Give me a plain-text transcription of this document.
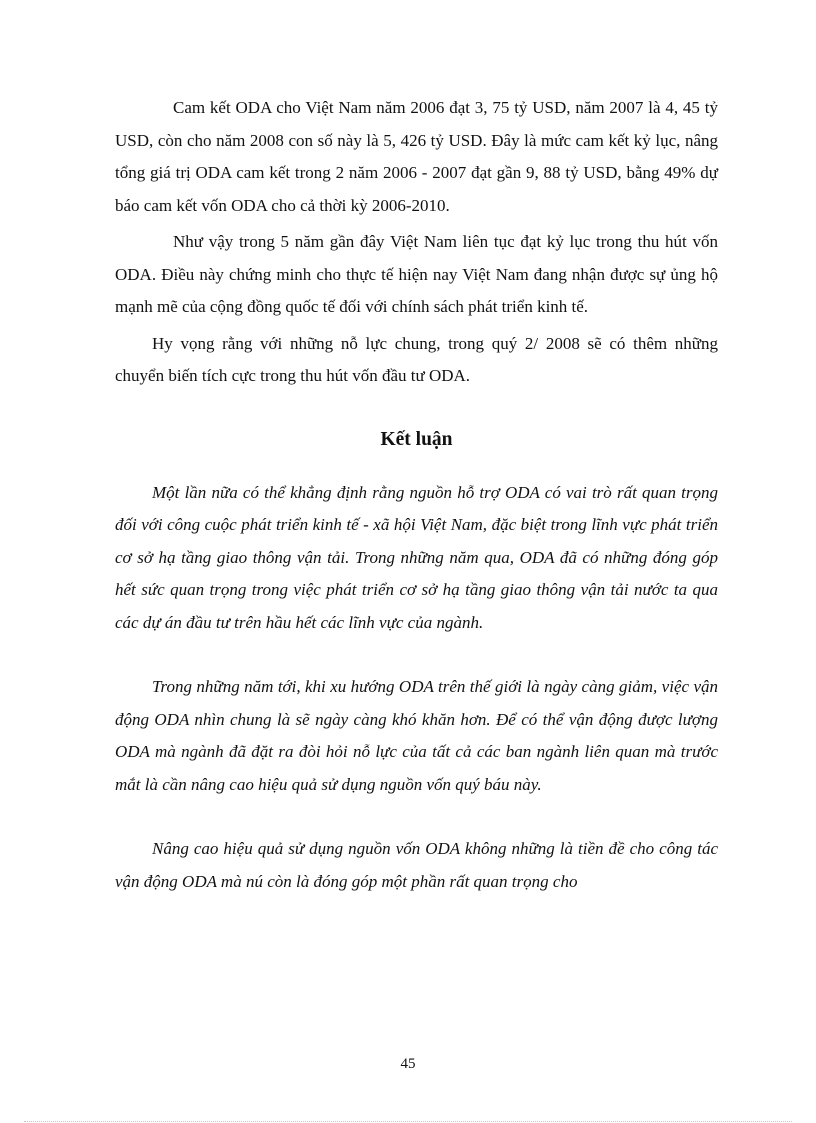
Cam kết ODA cho Việt Nam năm 2006 đạt 3, 75 tỷ USD, năm 2007 là 4, 45 tỷ USD, còn cho năm 2008 con số này là 5, 426 tỷ USD. Đây là mức cam kết kỷ lục, nâng tổng giá trị ODA cam kết trong 2 năm 2006 - 2007 đạt gần 9, 88 tỷ USD, bằng 49% dự báo cam kết vốn ODA cho cả thời kỳ 2006-2010.

Như vậy trong 5 năm gần đây Việt Nam liên tục đạt kỷ lục trong thu hút vốn ODA. Điều này chứng minh cho thực tế hiện nay Việt Nam đang nhận được sự ủng hộ mạnh mẽ của cộng đồng quốc tế đối với chính sách phát triển kinh tế.

Hy vọng rằng với những nỗ lực chung, trong quý 2/ 2008 sẽ có thêm những chuyển biến tích cực trong thu hút vốn đầu tư ODA.

Kết luận

Một lần nữa có thể khẳng định rằng nguồn hỗ trợ ODA có vai trò rất quan trọng đối với công cuộc phát triển kinh tế - xã hội Việt Nam, đặc biệt trong lĩnh vực phát triển cơ sở hạ tầng giao thông vận tải. Trong những năm qua, ODA đã có những đóng góp hết sức quan trọng trong việc phát triển cơ sở hạ tầng giao thông vận tải nước ta qua các dự án đầu tư trên hầu hết các lĩnh vực của ngành.

Trong những năm tới, khi xu hướng ODA trên thế giới là ngày càng giảm, việc vận động ODA nhìn chung là sẽ ngày càng khó khăn hơn. Để có thể vận động được lượng ODA mà ngành đã đặt ra đòi hỏi nỗ lực của tất cả các ban ngành liên quan mà trước mắt là cần nâng cao hiệu quả sử dụng nguồn vốn quý báu này.

Nâng cao hiệu quả sử dụng nguồn vốn ODA không những là tiền đề cho công tác vận động ODA mà nú còn là đóng góp một phần rất quan trọng cho

45
